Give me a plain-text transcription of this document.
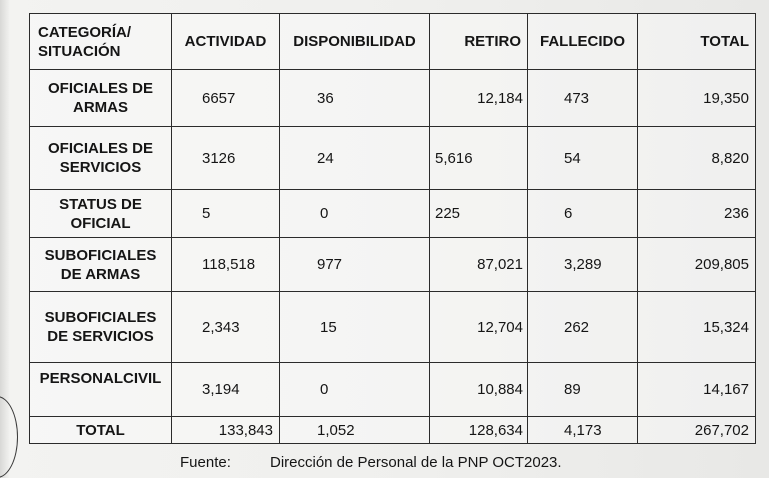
CATEGORÍA/
SITUACIÓN	ACTIVIDAD	DISPONIBILIDAD	RETIRO	FALLECIDO	TOTAL

OFICIALES DE
ARMAS	6657	36	12,184	473	19,350

OFICIALES DE
SERVICIOS	3126	24	5,616	54	8,820

STATUS DE
OFICIAL	5	0	225	6	236

SUBOFICIALES
DE ARMAS	118,518	977	87,021	3,289	209,805

SUBOFICIALES
DE SERVICIOS	2,343	15	12,704	262	15,324

PERSONALCIVIL	3,194	0	10,884	89	14,167
TOTAL	133,843	1,052	128,634	4,173	267,702
Fuente:	Dirección de Personal de la PNP OCT2023.
